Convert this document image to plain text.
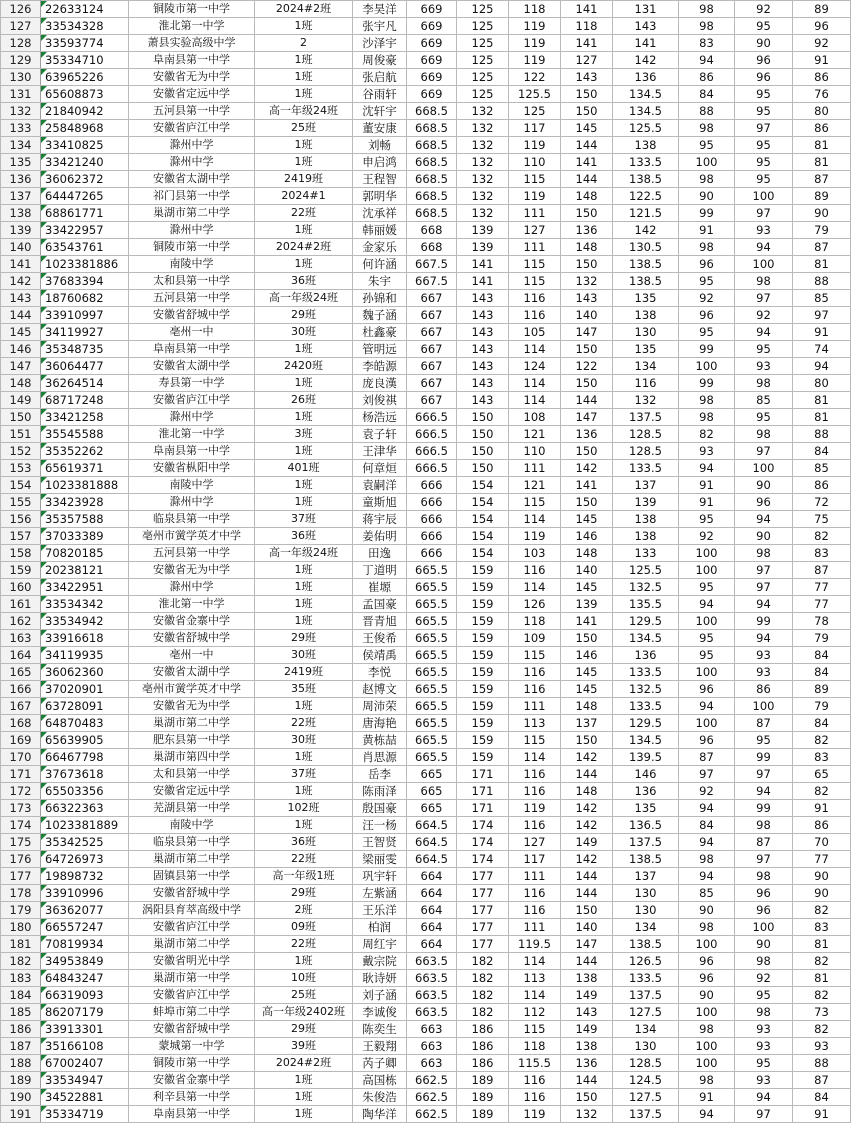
126	22633124	铜陵市第一中学	2024#2班	李昊洋	669	125	118	141	131	98	92	89
127	33534328	淮北第一中学	1班	张宇凡	669	125	119	118	143	98	95	96
128	33593774	萧县实验高级中学	2	沙泽宇	669	125	119	141	141	83	90	92
129	35334710	阜南县第一中学	1班	周俊豪	669	125	119	127	142	94	96	91
130	63965226	安徽省无为中学	1班	张启航	669	125	122	143	136	86	96	86
131	65608873	安徽省定远中学	1班	谷雨轩	669	125	125.5	150	134.5	84	95	76
132	21840942	五河县第一中学	高一年级24班	沈轩宇	668.5	132	125	150	134.5	88	95	80
133	25848968	安徽省庐江中学	25班	董安康	668.5	132	117	145	125.5	98	97	86
134	33410825	滁州中学	1班	刘畅	668.5	132	119	144	138	95	95	81
135	33421240	滁州中学	1班	申启鸿	668.5	132	110	141	133.5	100	95	81
136	36062372	安徽省太湖中学	2419班	王程智	668.5	132	115	144	138.5	98	95	87
137	64447265	祁门县第一中学	2024#1	郭明华	668.5	132	119	148	122.5	90	100	89
138	68861771	巢湖市第二中学	22班	沈承祥	668.5	132	111	150	121.5	99	97	90
139	33422957	滁州中学	1班	韩丽媛	668	139	127	136	142	91	93	79
140	63543761	铜陵市第一中学	2024#2班	金家乐	668	139	111	148	130.5	98	94	87
141	1023381886	南陵中学	1班	何许涵	667.5	141	115	150	138.5	96	100	81
142	37683394	太和县第一中学	36班	朱宇	667.5	141	115	132	138.5	95	98	88
143	18760682	五河县第一中学	高一年级24班	孙锦和	667	143	116	143	135	92	97	85
144	33910997	安徽省舒城中学	29班	魏子涵	667	143	116	140	138	96	92	97
145	34119927	亳州一中	30班	杜鑫豪	667	143	105	147	130	95	94	91
146	35348735	阜南县第一中学	1班	管明远	667	143	114	150	135	99	95	74
147	36064477	安徽省太湖中学	2420班	李皓源	667	143	124	122	134	100	93	94
148	36264514	寿县第一中学	1班	庞良漢	667	143	114	150	116	99	98	80
149	68717248	安徽省庐江中学	26班	刘俊祺	667	143	114	144	132	98	85	81
150	33421258	滁州中学	1班	杨浩远	666.5	150	108	147	137.5	98	95	81
151	35545588	淮北第一中学	3班	袁子轩	666.5	150	121	136	128.5	82	98	88
152	35352262	阜南县第一中学	1班	王津华	666.5	150	110	150	128.5	93	97	84
153	65619371	安徽省枞阳中学	401班	何章烜	666.5	150	111	142	133.5	94	100	85
154	1023381888	南陵中学	1班	袁嗣洋	666	154	121	141	137	91	90	86
155	33423928	滁州中学	1班	童斯旭	666	154	115	150	139	91	96	72
156	35357588	临泉县第一中学	37班	蒋宇辰	666	154	114	145	138	95	94	75
157	37033389	亳州市黉学英才中学	36班	姜佑明	666	154	119	146	138	92	90	82
158	70820185	五河县第一中学	高一年级24班	田逸	666	154	103	148	133	100	98	83
159	20238121	安徽省无为中学	1班	丁道明	665.5	159	116	140	125.5	100	97	87
160	33422951	滁州中学	1班	崔塬	665.5	159	114	145	132.5	95	97	77
161	33534342	淮北第一中学	1班	孟国豪	665.5	159	126	139	135.5	94	94	77
162	33534942	安徽省金寨中学	1班	晋青旭	665.5	159	118	141	129.5	100	99	78
163	33916618	安徽省舒城中学	29班	王俊希	665.5	159	109	150	134.5	95	94	79
164	34119935	亳州一中	30班	侯靖禹	665.5	159	115	146	136	95	93	84
165	36062360	安徽省太湖中学	2419班	李悦	665.5	159	116	145	133.5	100	93	84
166	37020901	亳州市黉学英才中学	35班	赵博文	665.5	159	116	145	132.5	96	86	89
167	63728091	安徽省无为中学	1班	周沛荣	665.5	159	111	148	133.5	94	100	79
168	64870483	巢湖市第二中学	22班	唐海艳	665.5	159	113	137	129.5	100	87	84
169	65639905	肥东县第一中学	30班	黄栋喆	665.5	159	115	150	134.5	96	95	82
170	66467798	巢湖市第四中学	1班	肖思源	665.5	159	114	142	139.5	87	99	83
171	37673618	太和县第一中学	37班	岳李	665	171	116	144	146	97	97	65
172	65503356	安徽省定远中学	1班	陈雨泽	665	171	116	148	136	92	94	82
173	66322363	芜湖县第一中学	102班	殷国豪	665	171	119	142	135	94	99	91
174	1023381889	南陵中学	1班	汪一杨	664.5	174	116	142	136.5	84	98	86
175	35342525	临泉县第一中学	36班	王智贤	664.5	174	127	149	137.5	94	87	70
176	64726973	巢湖市第二中学	22班	梁丽雯	664.5	174	117	142	138.5	98	97	77
177	19898732	固镇县第一中学	高一年级1班	巩宇轩	664	177	111	144	137	94	98	90
178	33910996	安徽省舒城中学	29班	左紫涵	664	177	116	144	130	85	96	90
179	36362077	涡阳县育萃高级中学	2班	王乐洋	664	177	116	150	130	90	96	82
180	66557247	安徽省庐江中学	09班	柏润	664	177	111	140	134	98	100	83
181	70819934	巢湖市第二中学	22班	周红宇	664	177	119.5	147	138.5	100	90	81
182	34953849	安徽省明光中学	1班	戴宗院	663.5	182	114	144	126.5	96	98	82
183	64843247	巢湖市第一中学	10班	耿诗妍	663.5	182	113	138	133.5	96	92	81
184	66319093	安徽省庐江中学	25班	刘子涵	663.5	182	114	149	137.5	90	95	82
185	86207179	蚌埠市第二中学	高一年级2402班	李诚俊	663.5	182	112	143	127.5	100	98	73
186	33913301	安徽省舒城中学	29班	陈奕生	663	186	115	149	134	98	93	82
187	35166108	蒙城第一中学	39班	王毅翔	663	186	118	138	130	100	93	93
188	67002407	铜陵市第一中学	2024#2班	芮子卿	663	186	115.5	136	128.5	100	95	88
189	33534947	安徽省金寨中学	1班	高国栋	662.5	189	116	144	124.5	98	93	87
190	34522881	利辛县第一中学	1班	朱俊浩	662.5	189	116	150	127.5	91	94	84
191	35334719	阜南县第一中学	1班	陶华洋	662.5	189	119	132	137.5	94	97	91
